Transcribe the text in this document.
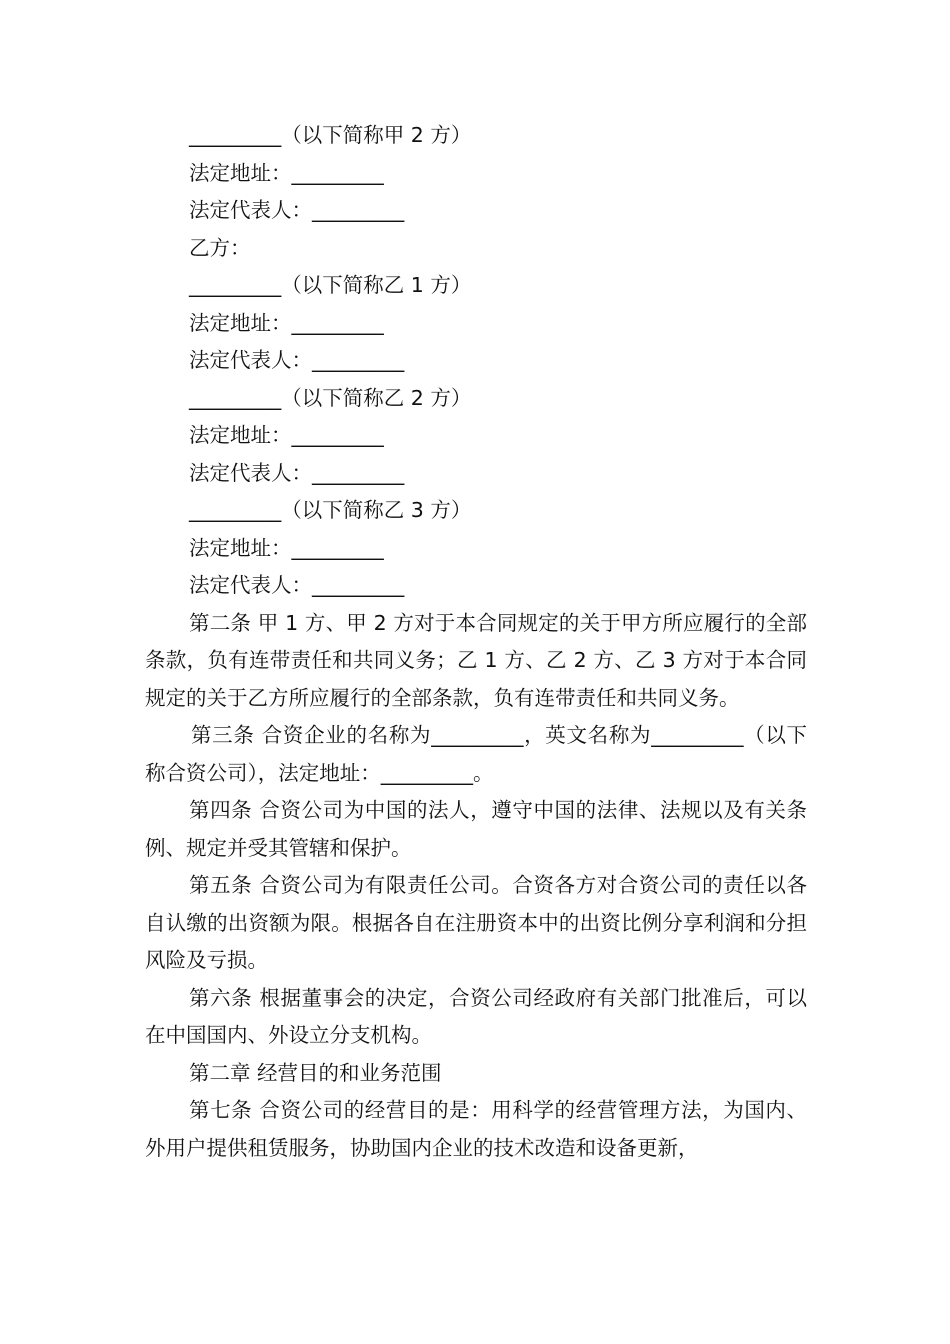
_________（以下简称甲 2 方）
法定地址：_________
法定代表人：_________
乙方：
_________（以下简称乙 1 方）
法定地址：_________
法定代表人：_________
_________（以下简称乙 2 方）
法定地址：_________
法定代表人：_________
_________（以下简称乙 3 方）
法定地址：_________
法定代表人：_________
第二条 甲 1 方、甲 2 方对于本合同规定的关于甲方所应履行的全部条款，负有连带责任和共同义务；乙 1 方、乙 2 方、乙 3 方对于本合同规定的关于乙方所应履行的全部条款，负有连带责任和共同义务。
第三条 合资企业的名称为_________，英文名称为_________（以下称合资公司），法定地址：_________。
第四条 合资公司为中国的法人，遵守中国的法律、法规以及有关条例、规定并受其管辖和保护。
第五条 合资公司为有限责任公司。合资各方对合资公司的责任以各自认缴的出资额为限。根据各自在注册资本中的出资比例分享利润和分担风险及亏损。
第六条 根据董事会的决定，合资公司经政府有关部门批准后，可以在中国国内、外设立分支机构。
第二章 经营目的和业务范围
第七条 合资公司的经营目的是：用科学的经营管理方法，为国内、外用户提供租赁服务，协助国内企业的技术改造和设备更新，
